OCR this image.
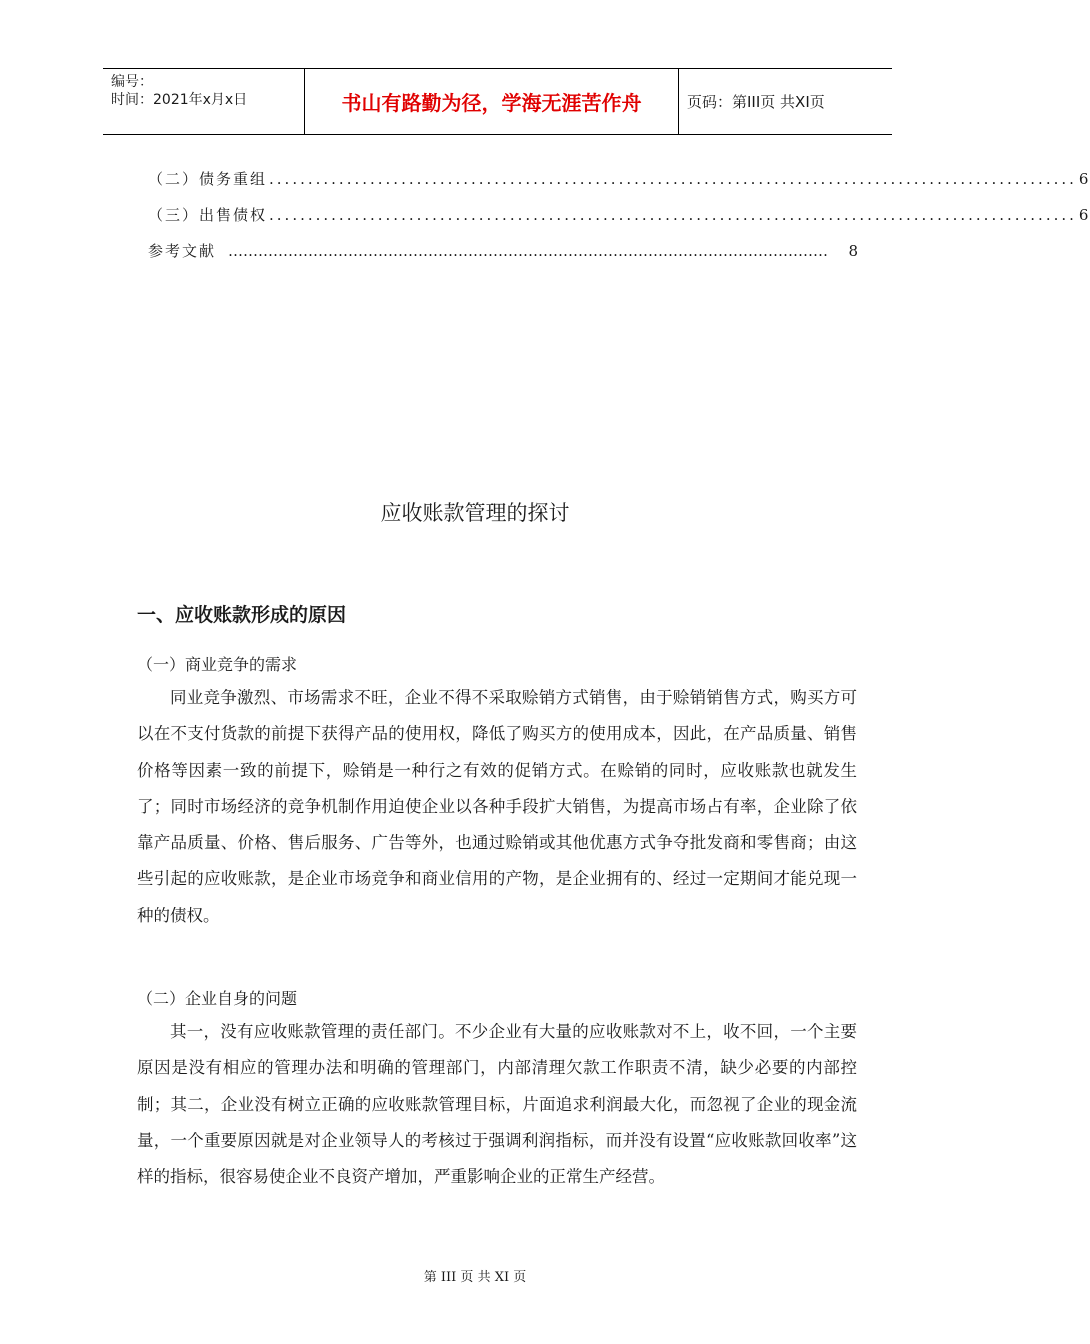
编号：
时间：2021年x月x日	书山有路勤为径，学海无涯苦作舟	页码：第III页 共XI页
（二）债务重组 ........................................................................................................ 6
（三）出售债权 ........................................................................................................ 6
参考文献 …………………………………………………………………………………………………………	8
应收账款管理的探讨
一、应收账款形成的原因
（一）商业竞争的需求
同业竞争激烈、市场需求不旺，企业不得不采取赊销方式销售，由于赊销销售方式，购买方可以在不支付货款的前提下获得产品的使用权，降低了购买方的使用成本，因此，在产品质量、销售价格等因素一致的前提下，赊销是一种行之有效的促销方式。在赊销的同时，应收账款也就发生了；同时市场经济的竞争机制作用迫使企业以各种手段扩大销售，为提高市场占有率，企业除了依靠产品质量、价格、售后服务、广告等外，也通过赊销或其他优惠方式争夺批发商和零售商；由这些引起的应收账款，是企业市场竞争和商业信用的产物，是企业拥有的、经过一定期间才能兑现一种的债权。
（二）企业自身的问题
其一，没有应收账款管理的责任部门。不少企业有大量的应收账款对不上，收不回，一个主要原因是没有相应的管理办法和明确的管理部门，内部清理欠款工作职责不清，缺少必要的内部控制；其二，企业没有树立正确的应收账款管理目标，片面追求利润最大化，而忽视了企业的现金流量，一个重要原因就是对企业领导人的考核过于强调利润指标，而并没有设置“应收账款回收率”这样的指标，很容易使企业不良资产增加，严重影响企业的正常生产经营。
第 III 页 共 XI 页
